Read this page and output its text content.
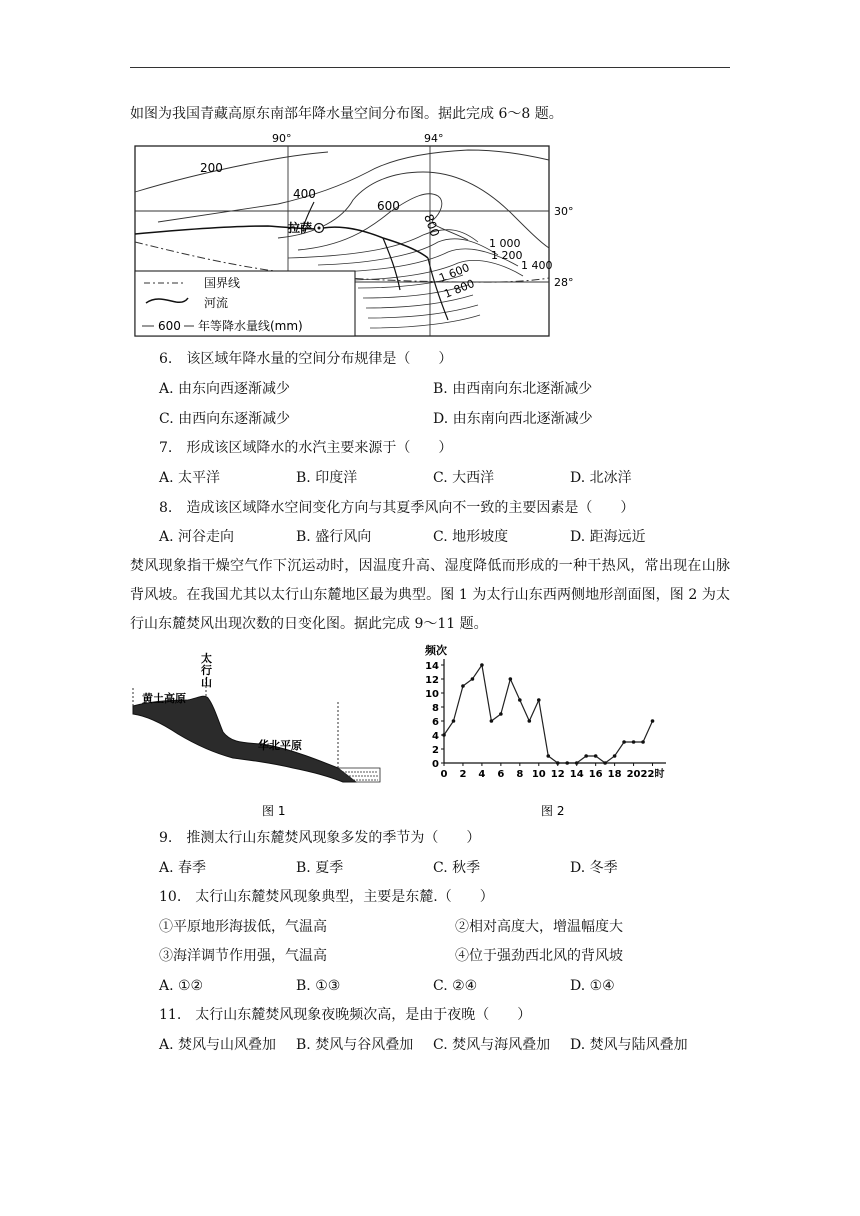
如图为我国青藏高原东南部年降水量空间分布图。据此完成 6～8 题。
90°	94°
30°
28°
200
400
600
800
1 000
1 200
1 400
1 600
1 800
拉萨
国界线
河流
600 年等降水量线(mm)
6.　该区域年降水量的空间分布规律是（　　）
A. 由东向西逐渐减少	B. 由西南向东北逐渐减少
C. 由西向东逐渐减少	D. 由东南向西北逐渐减少
7.　形成该区域降水的水汽主要来源于（　　）
A. 太平洋	B. 印度洋	C. 大西洋	D. 北冰洋
8.　造成该区域降水空间变化方向与其夏季风向不一致的主要因素是（　　）
A. 河谷走向	B. 盛行风向	C. 地形坡度	D. 距海远近
焚风现象指干燥空气作下沉运动时，因温度升高、湿度降低而形成的一种干热风，常出现在山脉背风坡。在我国尤其以太行山东麓地区最为典型。图 1 为太行山东西两侧地形剖面图，图 2 为太行山东麓焚风出现次数的日变化图。据此完成 9～11 题。
太
行
山
黄土高原
华北平原
图 1
频次
0
2
4
6
8
10
12
14
0 2 4 6 8 10 12 14 16 18 20 22时
图 2
9.　推测太行山东麓焚风现象多发的季节为（　　）
A. 春季	B. 夏季	C. 秋季	D. 冬季
10.　太行山东麓焚风现象典型，主要是东麓.（　　）
①平原地形海拔低，气温高	②相对高度大，增温幅度大
③海洋调节作用强，气温高	④位于强劲西北风的背风坡
A. ①②	B. ①③	C. ②④	D. ①④
11.　太行山东麓焚风现象夜晚频次高，是由于夜晚（　　）
A. 焚风与山风叠加 B. 焚风与谷风叠加 C. 焚风与海风叠加 D. 焚风与陆风叠加
